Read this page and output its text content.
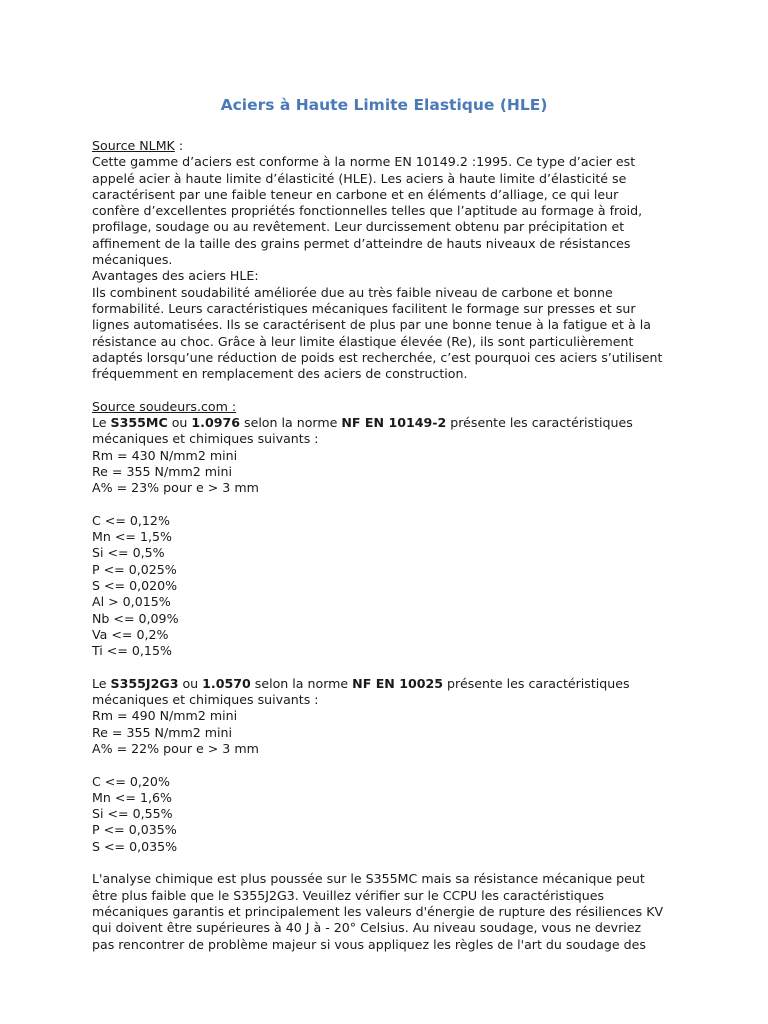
Aciers à Haute Limite Elastique (HLE)
Source NLMK :
Cette gamme d’aciers est conforme à la norme EN 10149.2 :1995. Ce type d’acier est
appelé acier à haute limite d’élasticité (HLE). Les aciers à haute limite d’élasticité se
caractérisent par une faible teneur en carbone et en éléments d’alliage, ce qui leur
confère d’excellentes propriétés fonctionnelles telles que l’aptitude au formage à froid,
profilage, soudage ou au revêtement. Leur durcissement obtenu par précipitation et
affinement de la taille des grains permet d’atteindre de hauts niveaux de résistances
mécaniques.
Avantages des aciers HLE:
Ils combinent soudabilité améliorée due au très faible niveau de carbone et bonne
formabilité. Leurs caractéristiques mécaniques facilitent le formage sur presses et sur
lignes automatisées. Ils se caractérisent de plus par une bonne tenue à la fatigue et à la
résistance au choc. Grâce à leur limite élastique élevée (Re), ils sont particulièrement
adaptés lorsqu’une réduction de poids est recherchée, c’est pourquoi ces aciers s’utilisent
fréquemment en remplacement des aciers de construction.
Source soudeurs.com :
Le S355MC ou 1.0976 selon la norme NF EN 10149-2 présente les caractéristiques
mécaniques et chimiques suivants :
Rm = 430 N/mm2 mini
Re = 355 N/mm2 mini
A% = 23% pour e > 3 mm
C <= 0,12%
Mn <= 1,5%
Si <= 0,5%
P <= 0,025%
S <= 0,020%
Al > 0,015%
Nb <= 0,09%
Va <= 0,2%
Ti <= 0,15%
Le S355J2G3 ou 1.0570 selon la norme NF EN 10025 présente les caractéristiques
mécaniques et chimiques suivants :
Rm = 490 N/mm2 mini
Re = 355 N/mm2 mini
A% = 22% pour e > 3 mm
C <= 0,20%
Mn <= 1,6%
Si <= 0,55%
P <= 0,035%
S <= 0,035%
L'analyse chimique est plus poussée sur le S355MC mais sa résistance mécanique peut
être plus faible que le S355J2G3. Veuillez vérifier sur le CCPU les caractéristiques
mécaniques garantis et principalement les valeurs d'énergie de rupture des résiliences KV
qui doivent être supérieures à 40 J à - 20° Celsius. Au niveau soudage, vous ne devriez
pas rencontrer de problème majeur si vous appliquez les règles de l'art du soudage des
